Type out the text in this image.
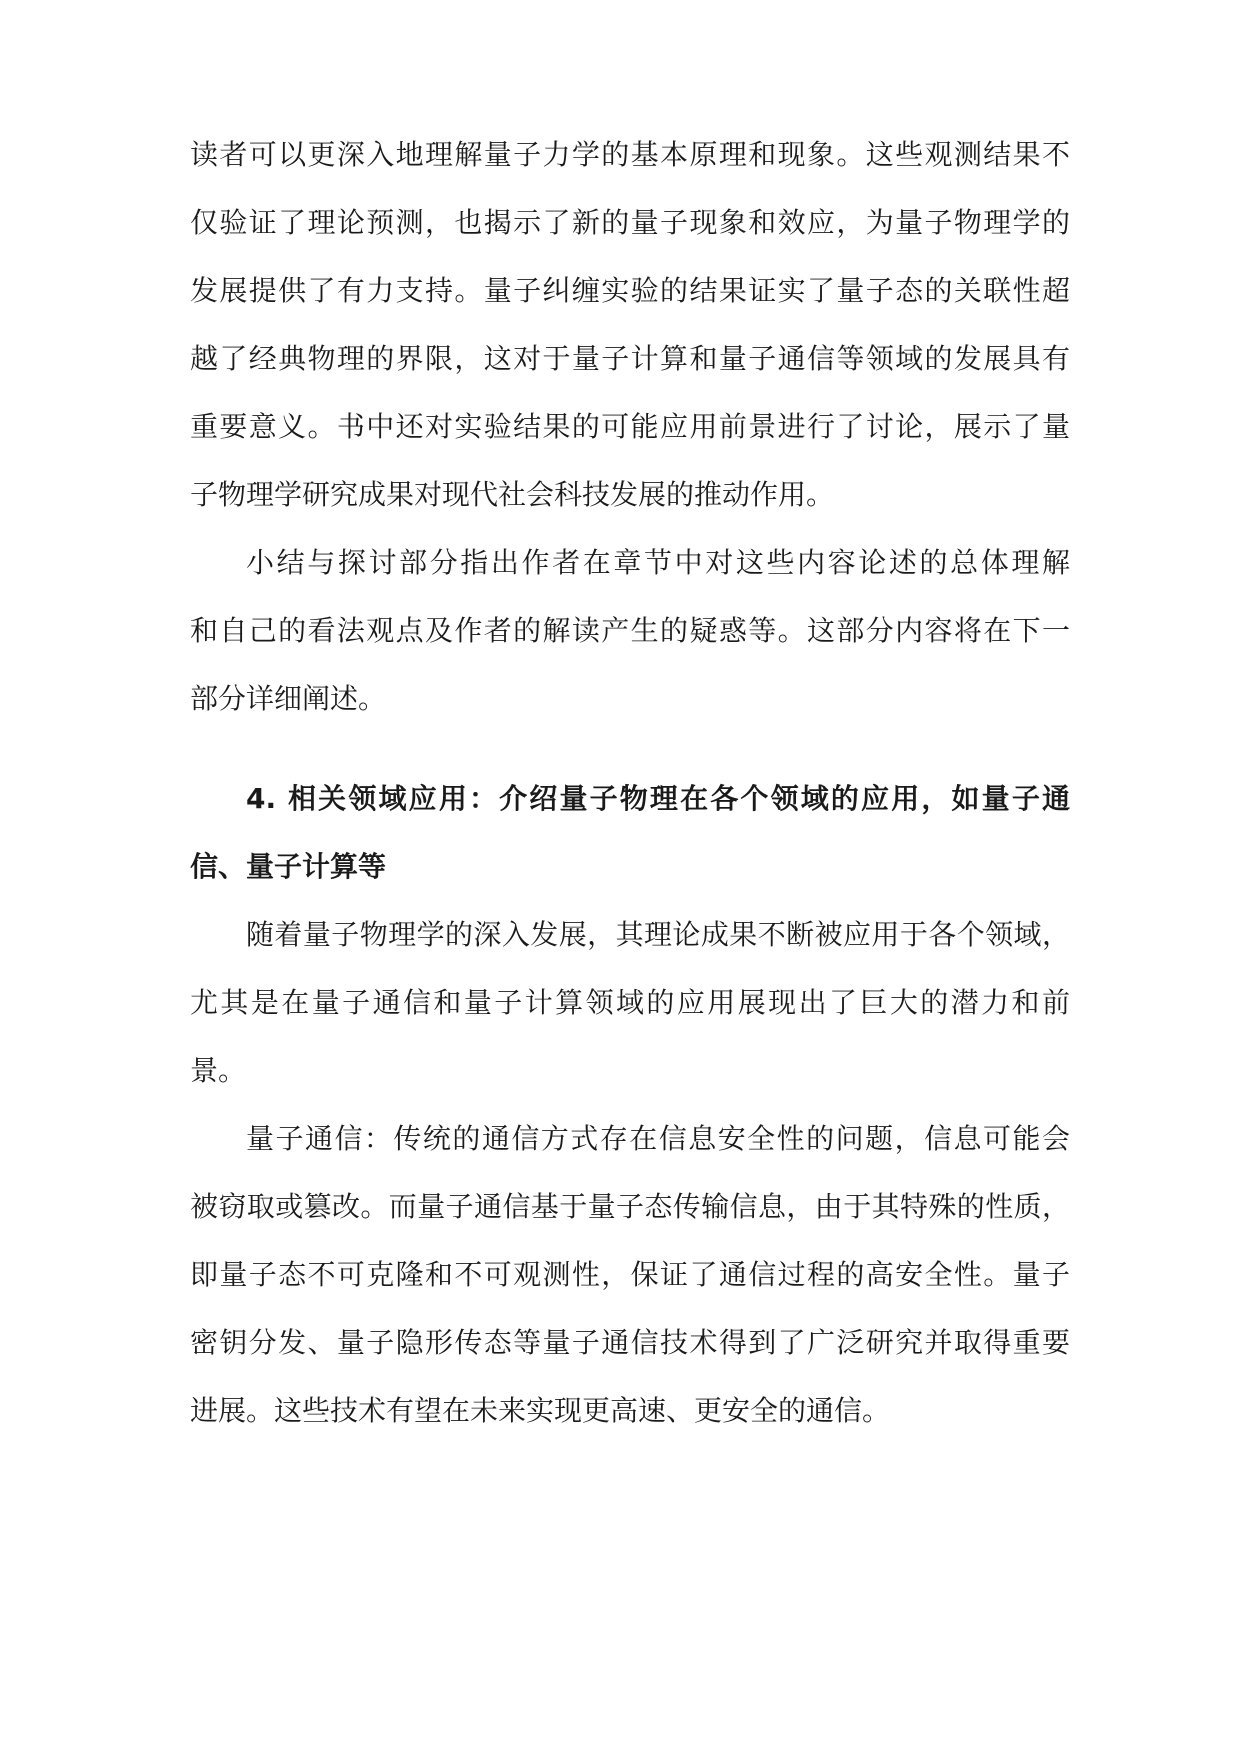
读者可以更深入地理解量子力学的基本原理和现象。这些观测结果不
仅验证了理论预测，也揭示了新的量子现象和效应，为量子物理学的
发展提供了有力支持。量子纠缠实验的结果证实了量子态的关联性超
越了经典物理的界限，这对于量子计算和量子通信等领域的发展具有
重要意义。书中还对实验结果的可能应用前景进行了讨论，展示了量
子物理学研究成果对现代社会科技发展的推动作用。
小结与探讨部分指出作者在章节中对这些内容论述的总体理解
和自己的看法观点及作者的解读产生的疑惑等。这部分内容将在下一
部分详细阐述。
4. 相关领域应用：介绍量子物理在各个领域的应用，如量子通
信、量子计算等
随着量子物理学的深入发展，其理论成果不断被应用于各个领域，
尤其是在量子通信和量子计算领域的应用展现出了巨大的潜力和前
景。
量子通信：传统的通信方式存在信息安全性的问题，信息可能会
被窃取或篡改。而量子通信基于量子态传输信息，由于其特殊的性质，
即量子态不可克隆和不可观测性，保证了通信过程的高安全性。量子
密钥分发、量子隐形传态等量子通信技术得到了广泛研究并取得重要
进展。这些技术有望在未来实现更高速、更安全的通信。
